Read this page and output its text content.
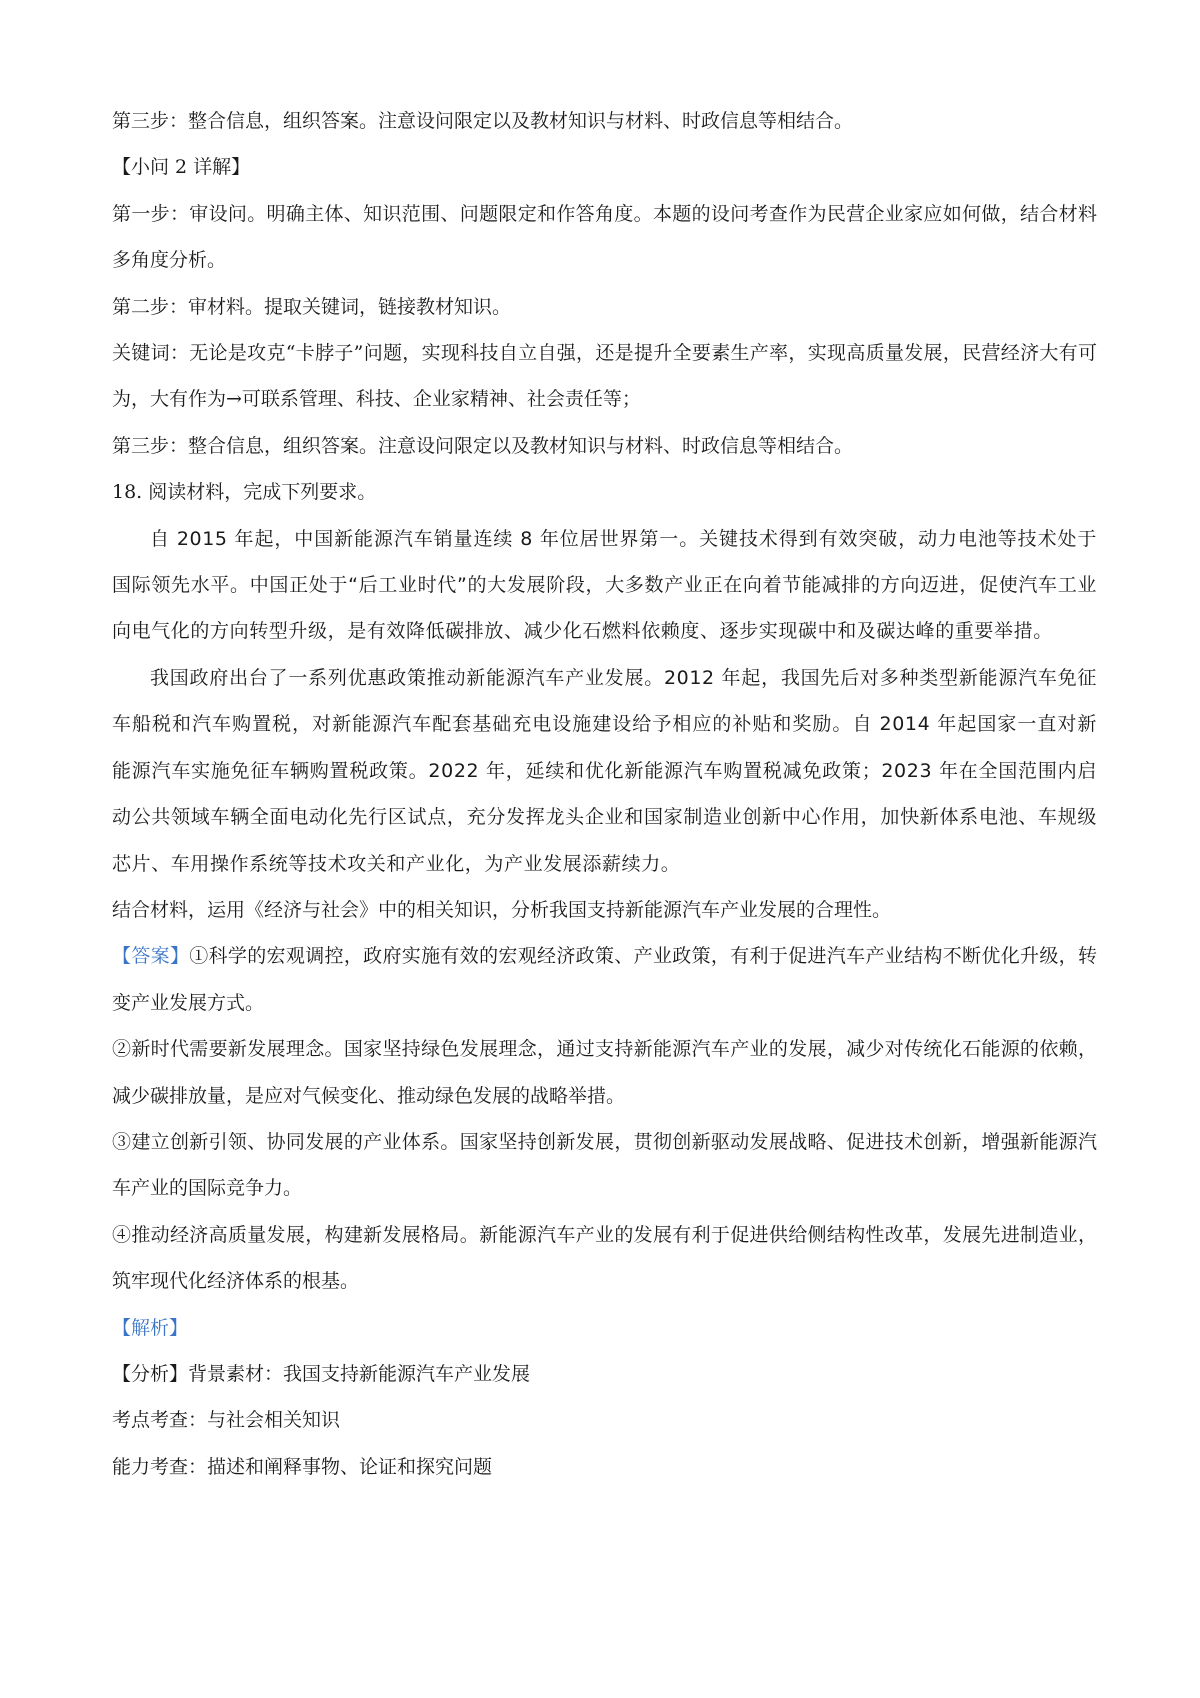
第三步：整合信息，组织答案。注意设问限定以及教材知识与材料、时政信息等相结合。

【小问 2 详解】

第一步：审设问。明确主体、知识范围、问题限定和作答角度。本题的设问考查作为民营企业家应如何做，结合材料多角度分析。

第二步：审材料。提取关键词，链接教材知识。

关键词：无论是攻克“卡脖子”问题，实现科技自立自强，还是提升全要素生产率，实现高质量发展，民营经济大有可为，大有作为→可联系管理、科技、企业家精神、社会责任等；

第三步：整合信息，组织答案。注意设问限定以及教材知识与材料、时政信息等相结合。

18. 阅读材料，完成下列要求。

自 2015 年起，中国新能源汽车销量连续 8 年位居世界第一。关键技术得到有效突破，动力电池等技术处于国际领先水平。中国正处于“后工业时代”的大发展阶段，大多数产业正在向着节能减排的方向迈进，促使汽车工业向电气化的方向转型升级，是有效降低碳排放、减少化石燃料依赖度、逐步实现碳中和及碳达峰的重要举措。

我国政府出台了一系列优惠政策推动新能源汽车产业发展。2012 年起，我国先后对多种类型新能源汽车免征车船税和汽车购置税，对新能源汽车配套基础充电设施建设给予相应的补贴和奖励。自 2014 年起国家一直对新能源汽车实施免征车辆购置税政策。2022 年，延续和优化新能源汽车购置税减免政策；2023 年在全国范围内启动公共领域车辆全面电动化先行区试点，充分发挥龙头企业和国家制造业创新中心作用，加快新体系电池、车规级芯片、车用操作系统等技术攻关和产业化，为产业发展添薪续力。

结合材料，运用《经济与社会》中的相关知识，分析我国支持新能源汽车产业发展的合理性。

【答案】①科学的宏观调控，政府实施有效的宏观经济政策、产业政策，有利于促进汽车产业结构不断优化升级，转变产业发展方式。

②新时代需要新发展理念。国家坚持绿色发展理念，通过支持新能源汽车产业的发展，减少对传统化石能源的依赖，减少碳排放量，是应对气候变化、推动绿色发展的战略举措。

③建立创新引领、协同发展的产业体系。国家坚持创新发展，贯彻创新驱动发展战略、促进技术创新，增强新能源汽车产业的国际竞争力。

④推动经济高质量发展，构建新发展格局。新能源汽车产业的发展有利于促进供给侧结构性改革，发展先进制造业，筑牢现代化经济体系的根基。

【解析】

【分析】背景素材：我国支持新能源汽车产业发展

考点考查：与社会相关知识

能力考查：描述和阐释事物、论证和探究问题
